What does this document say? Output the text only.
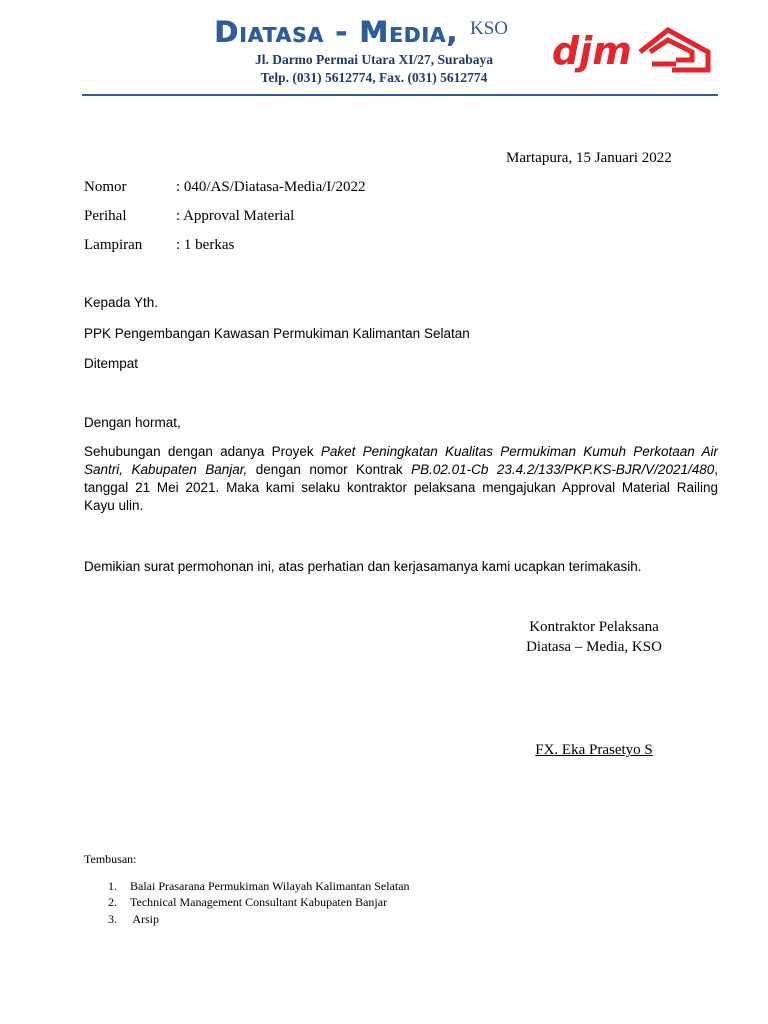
Diatasa - Media, KSO
Jl. Darmo Permai Utara XI/27, Surabaya
Telp. (031) 5612774, Fax. (031) 5612774
djm
Martapura, 15 Januari 2022
Nomor	: 040/AS/Diatasa-Media/I/2022
Perihal	: Approval Material
Lampiran : 1 berkas
Kepada Yth.
PPK Pengembangan Kawasan Permukiman Kalimantan Selatan
Ditempat
Dengan hormat,
Sehubungan dengan adanya Proyek Paket Peningkatan Kualitas Permukiman Kumuh Perkotaan Air
Santri, Kabupaten Banjar, dengan nomor Kontrak PB.02.01-Cb 23.4.2/133/PKP.KS-BJR/V/2021/480,
tanggal 21 Mei 2021. Maka kami selaku kontraktor pelaksana mengajukan Approval Material Railing
Kayu ulin.
Demikian surat permohonan ini, atas perhatian dan kerjasamanya kami ucapkan terimakasih.
Kontraktor Pelaksana
Diatasa – Media, KSO
FX. Eka Prasetyo S
Tembusan:
1. Balai Prasarana Permukiman Wilayah Kalimantan Selatan
2. Technical Management Consultant Kabupaten Banjar
3. Arsip
